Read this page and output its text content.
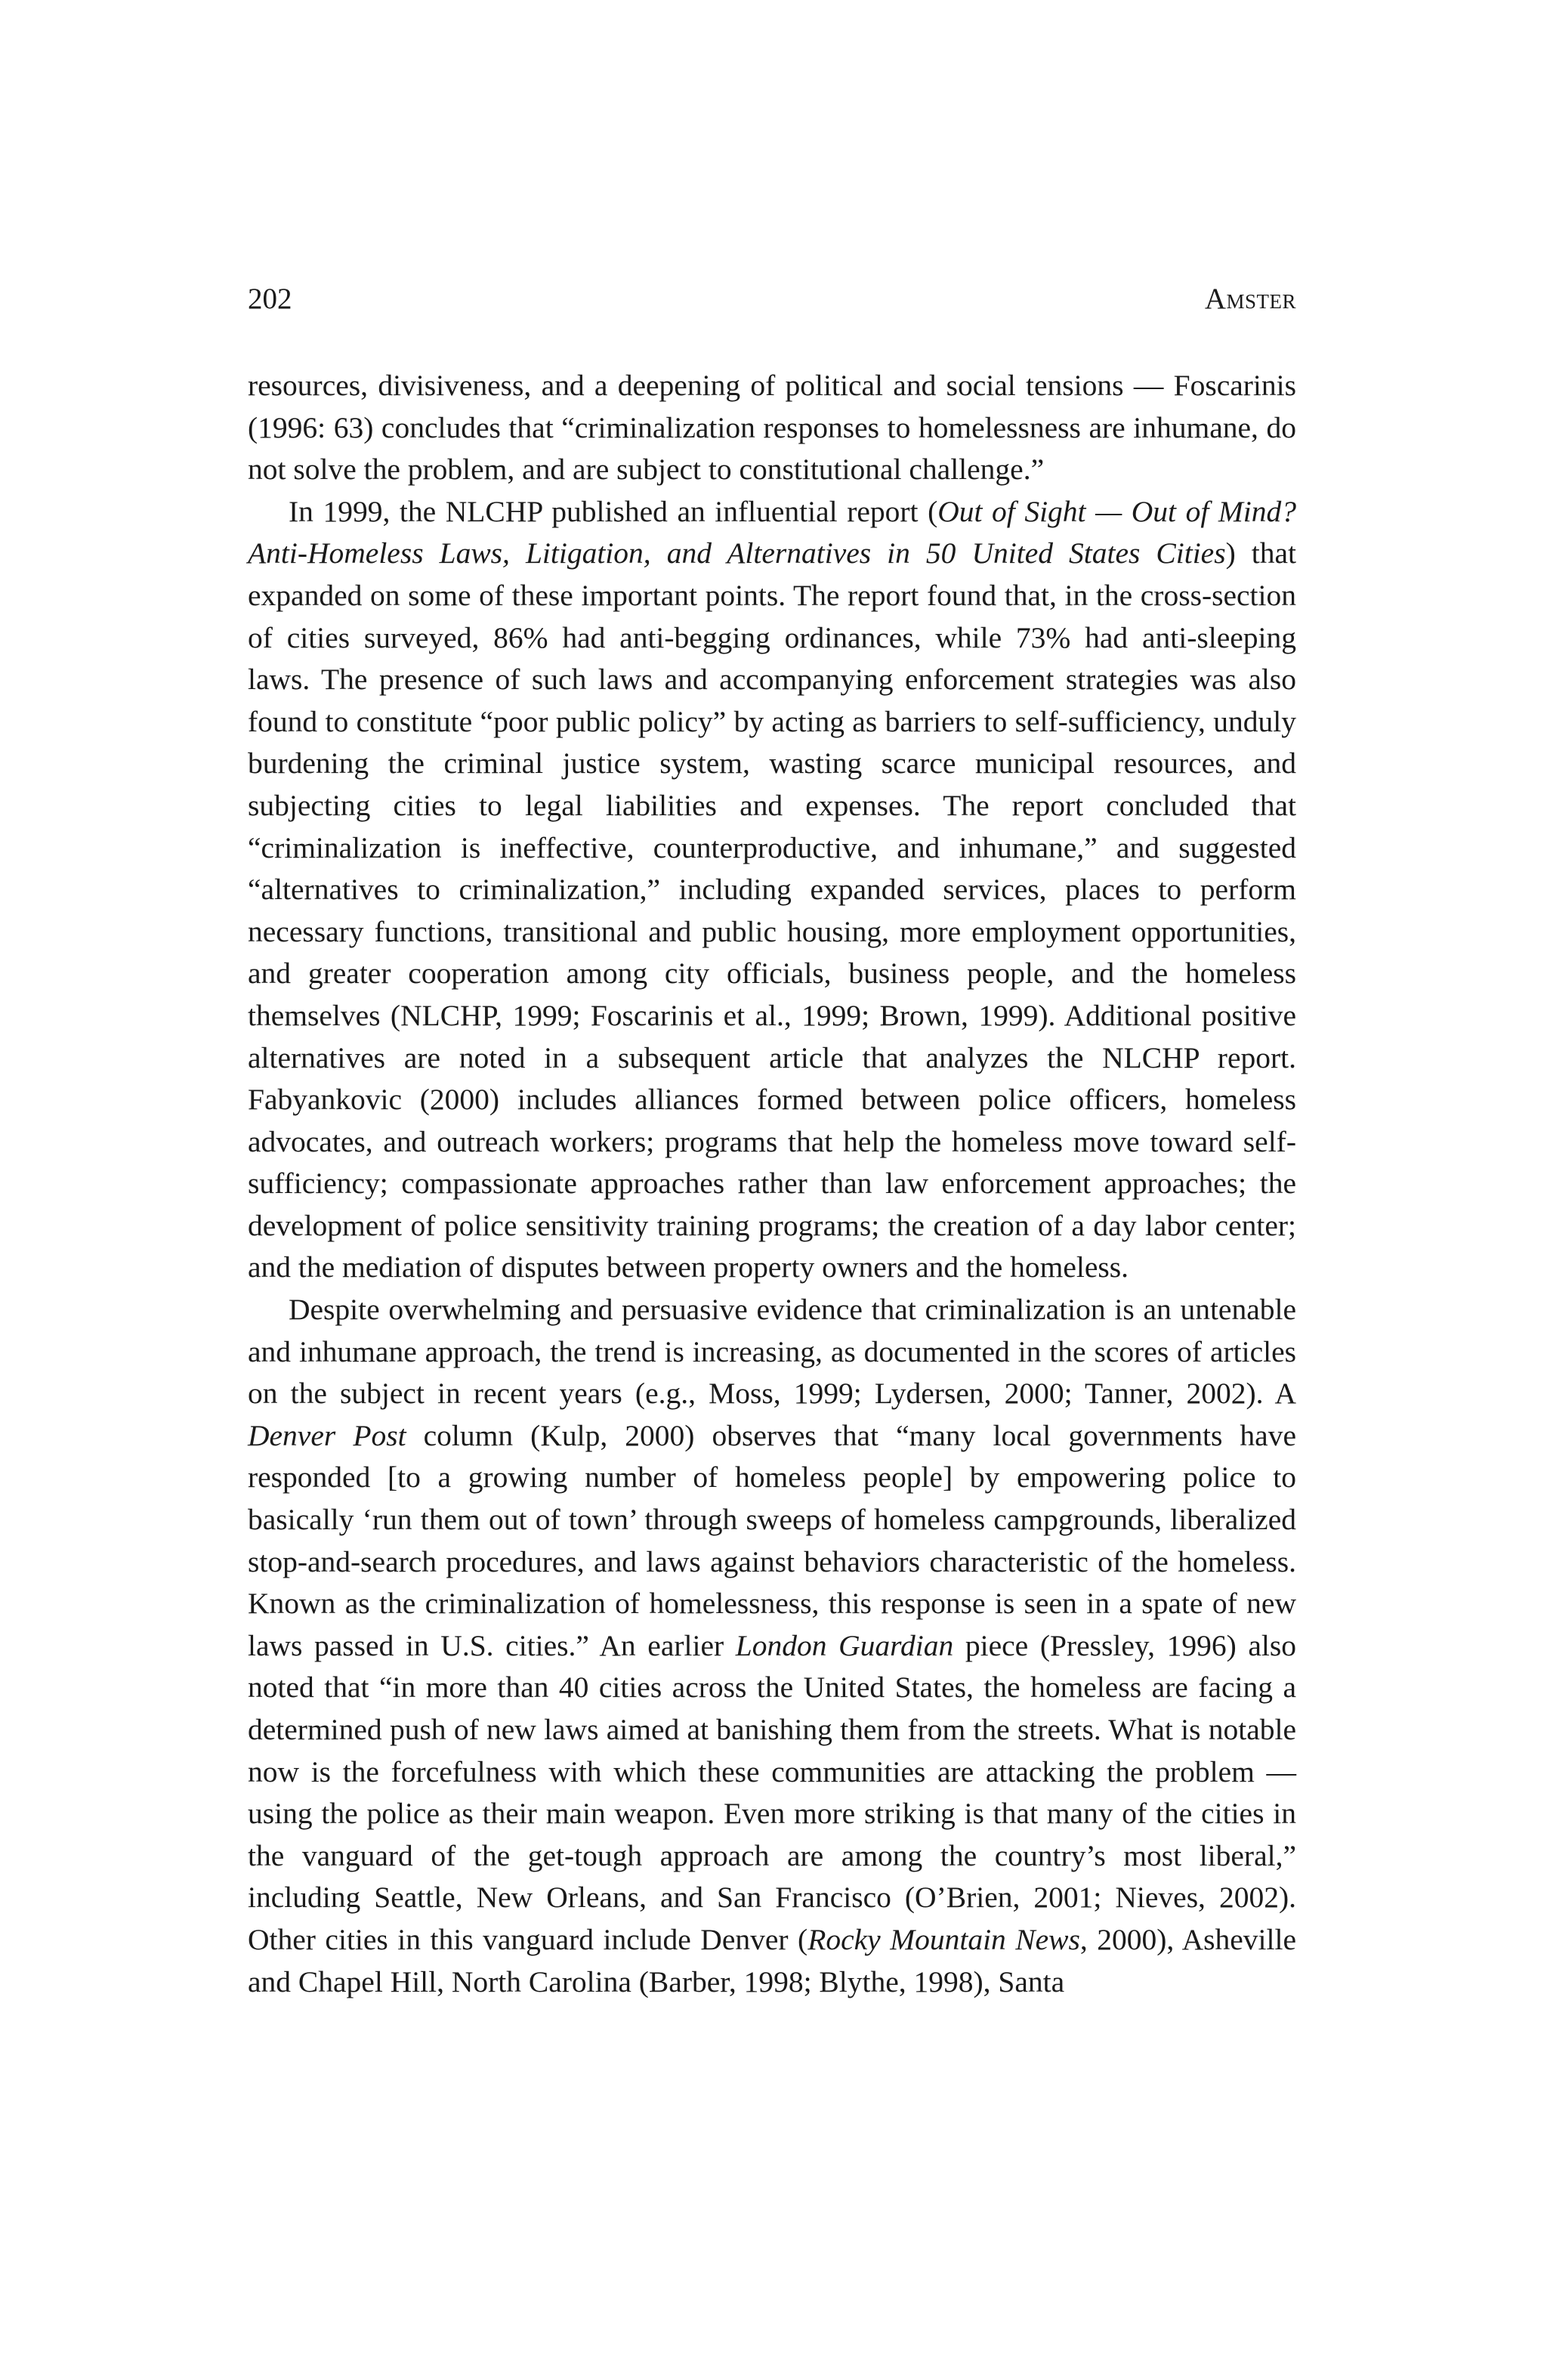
202	Amster

resources, divisiveness, and a deepening of political and social tensions — Foscarinis (1996: 63) concludes that “criminalization responses to homelessness are inhumane, do not solve the problem, and are subject to constitutional challenge.”

In 1999, the NLCHP published an influential report (Out of Sight — Out of Mind? Anti-Homeless Laws, Litigation, and Alternatives in 50 United States Cities) that expanded on some of these important points. The report found that, in the cross-section of cities surveyed, 86% had anti-begging ordinances, while 73% had anti-sleeping laws. The presence of such laws and accompanying enforcement strategies was also found to constitute “poor public policy” by acting as barriers to self-sufficiency, unduly burdening the criminal justice system, wasting scarce municipal resources, and subjecting cities to legal liabilities and expenses. The report concluded that “criminalization is ineffective, counterproductive, and inhumane,” and suggested “alternatives to criminalization,” including expanded services, places to perform necessary functions, transitional and public housing, more employment opportunities, and greater cooperation among city officials, business people, and the homeless themselves (NLCHP, 1999; Foscarinis et al., 1999; Brown, 1999). Additional positive alternatives are noted in a subsequent article that analyzes the NLCHP report. Fabyankovic (2000) includes alliances formed between police officers, homeless advocates, and outreach workers; programs that help the homeless move toward self-sufficiency; compassionate approaches rather than law enforcement approaches; the development of police sensitivity training programs; the creation of a day labor center; and the mediation of disputes between property owners and the homeless.

Despite overwhelming and persuasive evidence that criminalization is an untenable and inhumane approach, the trend is increasing, as documented in the scores of articles on the subject in recent years (e.g., Moss, 1999; Lydersen, 2000; Tanner, 2002). A Denver Post column (Kulp, 2000) observes that “many local governments have responded [to a growing number of homeless people] by empowering police to basically ‘run them out of town’ through sweeps of homeless campgrounds, liberalized stop-and-search procedures, and laws against behaviors characteristic of the homeless. Known as the criminalization of homelessness, this response is seen in a spate of new laws passed in U.S. cities.” An earlier London Guardian piece (Pressley, 1996) also noted that “in more than 40 cities across the United States, the homeless are facing a determined push of new laws aimed at banishing them from the streets. What is notable now is the forcefulness with which these communities are attacking the problem — using the police as their main weapon. Even more striking is that many of the cities in the vanguard of the get-tough approach are among the country’s most liberal,” including Seattle, New Orleans, and San Francisco (O’Brien, 2001; Nieves, 2002). Other cities in this vanguard include Denver (Rocky Mountain News, 2000), Asheville and Chapel Hill, North Carolina (Barber, 1998; Blythe, 1998), Santa
